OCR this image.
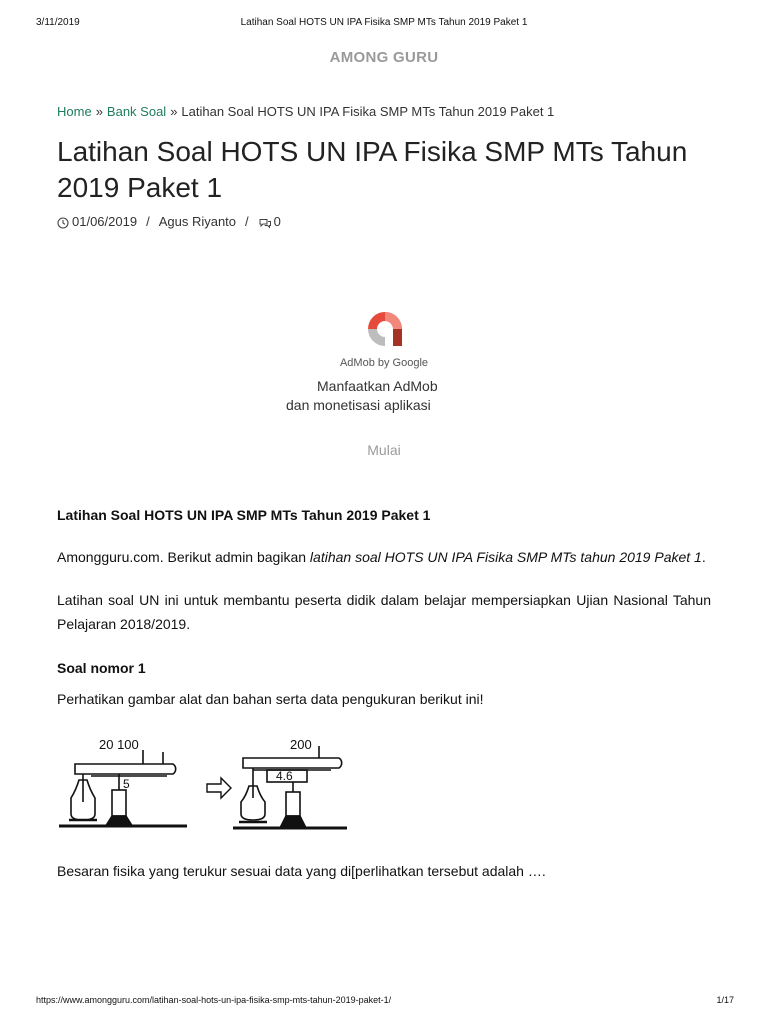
3/11/2019	Latihan Soal HOTS UN IPA Fisika SMP MTs Tahun 2019 Paket 1
AMONG GURU
Home » Bank Soal » Latihan Soal HOTS UN IPA Fisika SMP MTs Tahun 2019 Paket 1
Latihan Soal HOTS UN IPA Fisika SMP MTs Tahun 2019 Paket 1
01/06/2019 / Agus Riyanto / 0
AdMob by Google
Manfaatkan AdMob
dan monetisasi aplikasi
Mulai

Latihan Soal HOTS UN IPA SMP MTs Tahun 2019 Paket 1

Amongguru.com. Berikut admin bagikan latihan soal HOTS UN IPA Fisika SMP MTs tahun 2019 Paket 1.

Latihan soal UN ini untuk membantu peserta didik dalam belajar mempersiapkan Ujian Nasional Tahun Pelajaran 2018/2019.

Soal nomor 1

Perhatikan gambar alat dan bahan serta data pengukuran berikut ini!

20 100
5
200
4.6

Besaran fisika yang terukur sesuai data yang di[perlihatkan tersebut adalah ….

https://www.amongguru.com/latihan-soal-hots-un-ipa-fisika-smp-mts-tahun-2019-paket-1/	1/17
